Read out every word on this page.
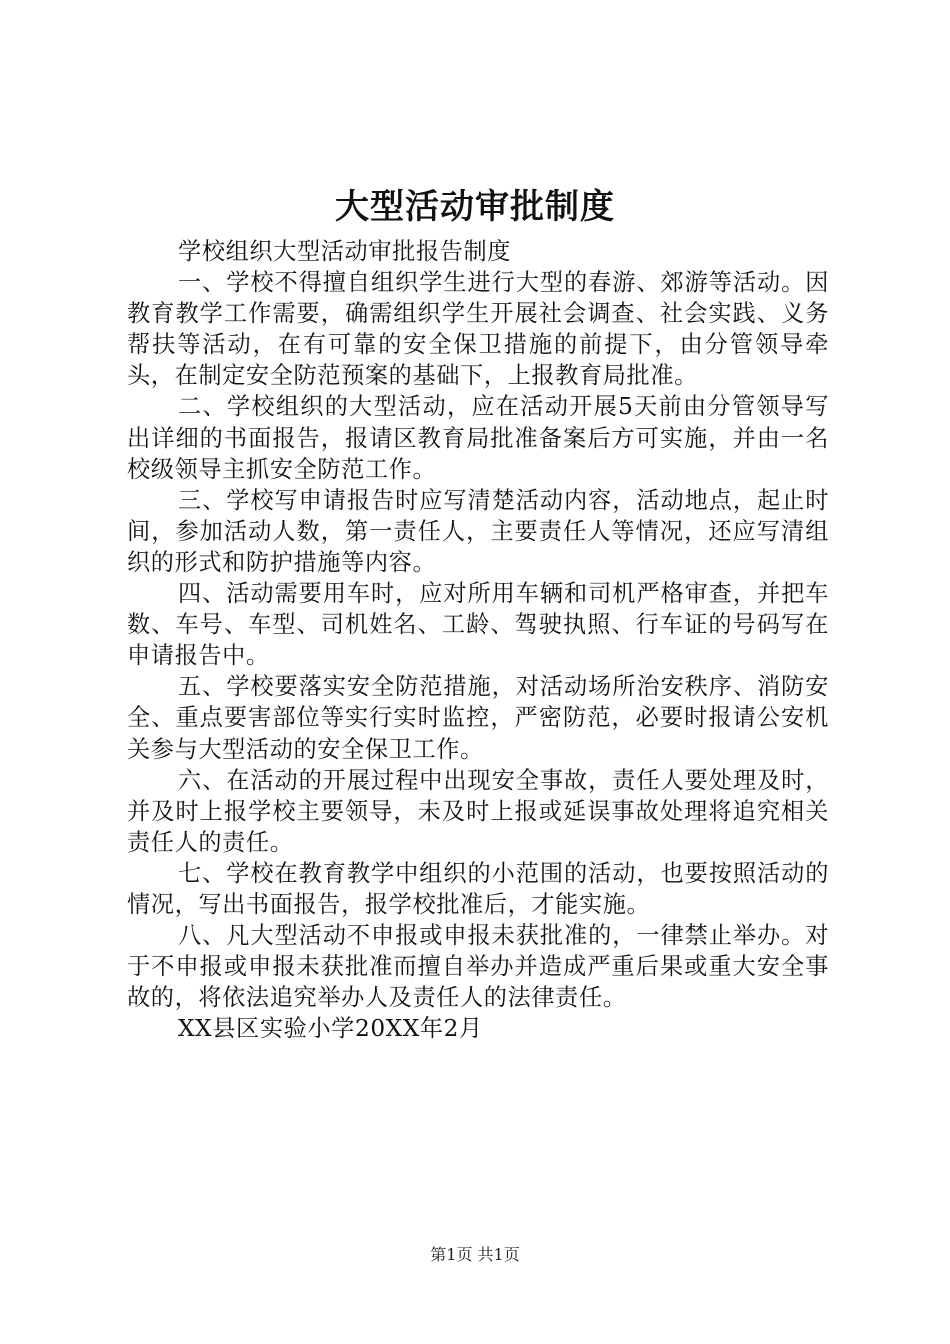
大型活动审批制度

学校组织大型活动审批报告制度

一、学校不得擅自组织学生进行大型的春游、郊游等活动。因教育教学工作需要，确需组织学生开展社会调查、社会实践、义务帮扶等活动，在有可靠的安全保卫措施的前提下，由分管领导牵头，在制定安全防范预案的基础下，上报教育局批准。

二、学校组织的大型活动，应在活动开展5天前由分管领导写出详细的书面报告，报请区教育局批准备案后方可实施，并由一名校级领导主抓安全防范工作。

三、学校写申请报告时应写清楚活动内容，活动地点，起止时间，参加活动人数，第一责任人，主要责任人等情况，还应写清组织的形式和防护措施等内容。

四、活动需要用车时，应对所用车辆和司机严格审查，并把车数、车号、车型、司机姓名、工龄、驾驶执照、行车证的号码写在申请报告中。

五、学校要落实安全防范措施，对活动场所治安秩序、消防安全、重点要害部位等实行实时监控，严密防范，必要时报请公安机关参与大型活动的安全保卫工作。

六、在活动的开展过程中出现安全事故，责任人要处理及时，并及时上报学校主要领导，未及时上报或延误事故处理将追究相关责任人的责任。

七、学校在教育教学中组织的小范围的活动，也要按照活动的情况，写出书面报告，报学校批准后，才能实施。

八、凡大型活动不申报或申报未获批准的，一律禁止举办。对于不申报或申报未获批准而擅自举办并造成严重后果或重大安全事故的，将依法追究举办人及责任人的法律责任。

XX县区实验小学20XX年2月

第1页 共1页
